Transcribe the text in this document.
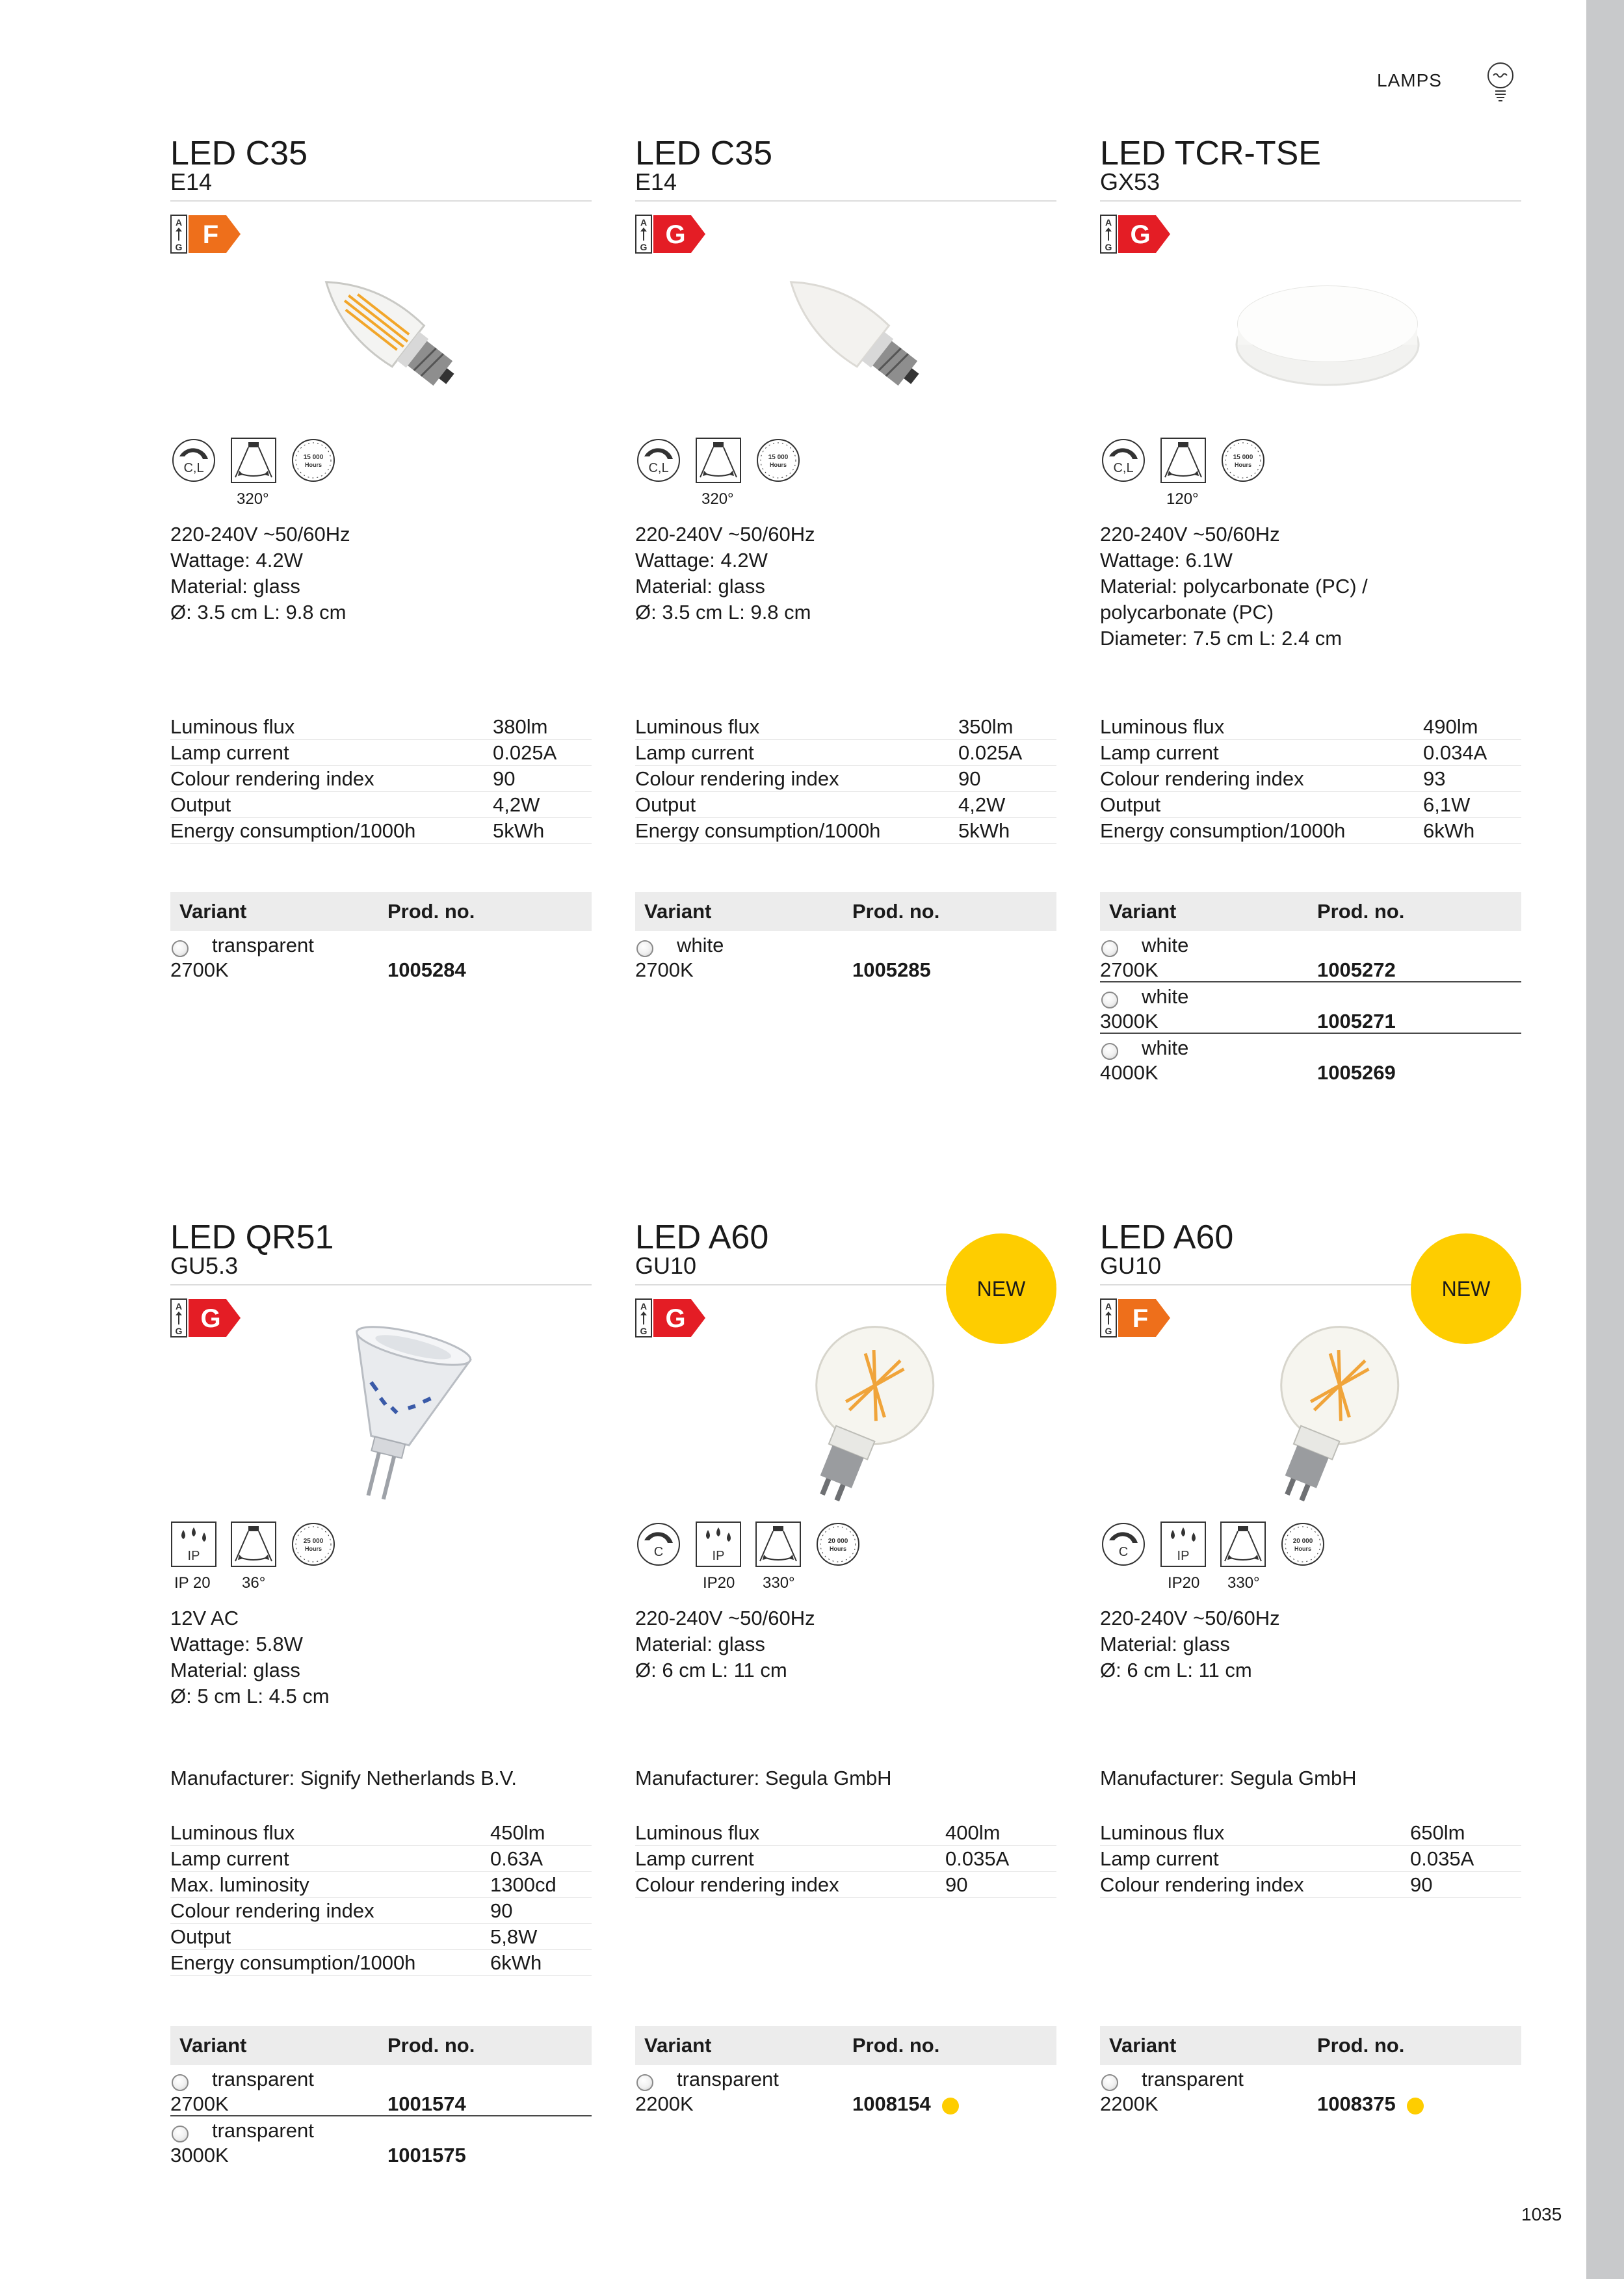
LAMPS
1035
LED C35
E14
A
G F
C,L
15 000
Hours
320°
220-240V ~50/60Hz
Wattage: 4.2W
Material: glass
Ø: 3.5 cm L: 9.8 cm
Luminous flux	380lm
Lamp current	0.025A
Colour rendering index	90
Output	4,2W
Energy consumption/1000h	5kWh
Variant	Prod. no.
transparent
2700K	1005284
LED C35
E14
A
G G
C,L
15 000
Hours
320°
220-240V ~50/60Hz
Wattage: 4.2W
Material: glass
Ø: 3.5 cm L: 9.8 cm
Luminous flux	350lm
Lamp current	0.025A
Colour rendering index	90
Output	4,2W
Energy consumption/1000h	5kWh
Variant	Prod. no.
white
2700K	1005285
LED TCR-TSE
GX53
A
G G
C,L
15 000
Hours
120°
220-240V ~50/60Hz
Wattage: 6.1W
Material: polycarbonate (PC) /
polycarbonate (PC)
Diameter: 7.5 cm L: 2.4 cm
Luminous flux	490lm
Lamp current	0.034A
Colour rendering index	93
Output	6,1W
Energy consumption/1000h	6kWh
Variant	Prod. no.
white
2700K	1005272
white
3000K	1005271
white
4000K	1005269
LED QR51
GU5.3
A
G G
IP
25 000
Hours
IP 20 36°
12V AC
Wattage: 5.8W
Material: glass
Ø: 5 cm L: 4.5 cm
Manufacturer: Signify Netherlands B.V.
Luminous flux	450lm
Lamp current	0.63A
Max. luminosity	1300cd
Colour rendering index	90
Output	5,8W
Energy consumption/1000h	6kWh
Variant	Prod. no.
transparent
2700K	1001574
transparent
3000K	1001575
LED A60
GU10
A
G G
NEW
C	IP
20 000
Hours
IP20 330°
220-240V ~50/60Hz
Material: glass
Ø: 6 cm L: 11 cm
Manufacturer: Segula GmbH
Luminous flux	400lm
Lamp current	0.035A
Colour rendering index	90
Variant	Prod. no.
transparent
2200K	1008154
LED A60
GU10
A
G F
NEW
C	IP
20 000
Hours
IP20 330°
220-240V ~50/60Hz
Material: glass
Ø: 6 cm L: 11 cm
Manufacturer: Segula GmbH
Luminous flux	650lm
Lamp current	0.035A
Colour rendering index	90
Variant	Prod. no.
transparent
2200K	1008375
